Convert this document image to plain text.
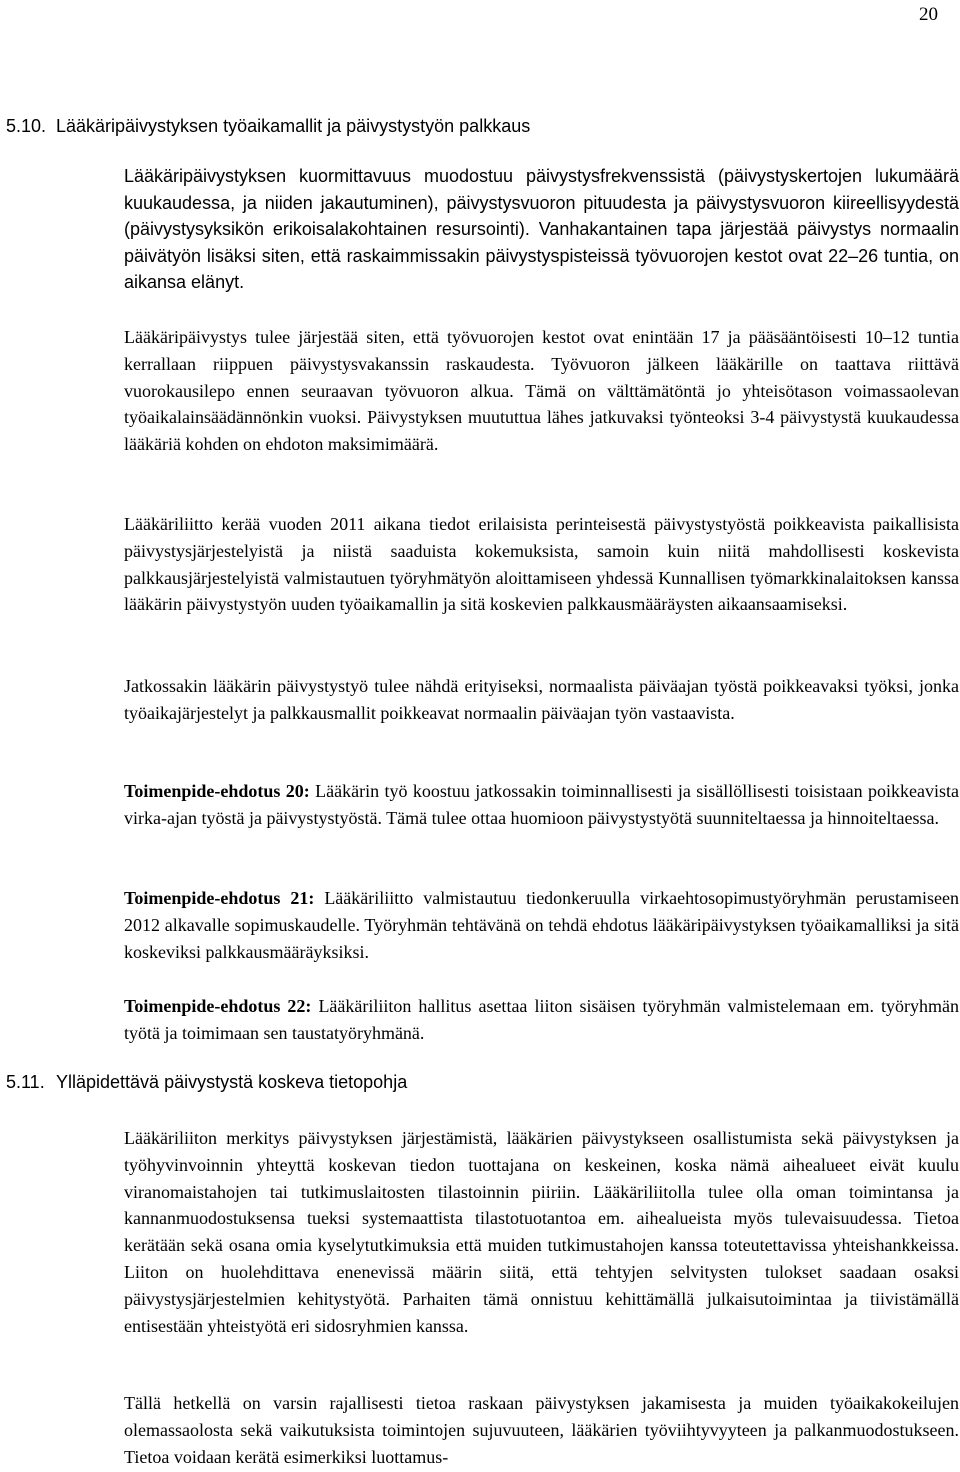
20
5.10. Lääkäripäivystyksen työaikamallit ja päivystystyön palkkaus

Lääkäripäivystyksen kuormittavuus muodostuu päivystysfrekvenssistä (päivystyskertojen lukumäärä kuukaudessa, ja niiden jakautuminen), päivystysvuoron pituudesta ja päivystysvuoron kiireellisyydestä (päivystysyksikön erikoisalakohtainen resursointi). Vanhakantainen tapa järjestää päivystys normaalin päivätyön lisäksi siten, että raskaimmissakin päivystyspisteissä työvuorojen kestot ovat 22–26 tuntia, on aikansa elänyt.

Lääkäripäivystys tulee järjestää siten, että työvuorojen kestot ovat enintään 17 ja pääsääntöisesti 10–12 tuntia kerrallaan riippuen päivystysvakanssin raskaudesta. Työvuoron jälkeen lääkärille on taattava riittävä vuorokausilepo ennen seuraavan työvuoron alkua. Tämä on välttämätöntä jo yhteisötason voimassaolevan työaikalainsäädännönkin vuoksi. Päivystyksen muututtua lähes jatkuvaksi työnteoksi 3-4 päivystystä kuukaudessa lääkäriä kohden on ehdoton maksimimäärä.

Lääkäriliitto kerää vuoden 2011 aikana tiedot erilaisista perinteisestä päivystystyöstä poikkeavista paikallisista päivystysjärjestelyistä ja niistä saaduista kokemuksista, samoin kuin niitä mahdollisesti koskevista palkkausjärjestelyistä valmistautuen työryhmätyön aloittamiseen yhdessä Kunnallisen työmarkkinalaitoksen kanssa lääkärin päivystystyön uuden työaikamallin ja sitä koskevien palkkausmääräysten aikaansaamiseksi.

Jatkossakin lääkärin päivystystyö tulee nähdä erityiseksi, normaalista päiväajan työstä poikkeavaksi työksi, jonka työaikajärjestelyt ja palkkausmallit poikkeavat normaalin päiväajan työn vastaavista.

Toimenpide-ehdotus 20: Lääkärin työ koostuu jatkossakin toiminnallisesti ja sisällöllisesti toisistaan poikkeavista virka-ajan työstä ja päivystystyöstä. Tämä tulee ottaa huomioon päivystystyötä suunniteltaessa ja hinnoiteltaessa.

Toimenpide-ehdotus 21: Lääkäriliitto valmistautuu tiedonkeruulla virkaehtosopimustyöryhmän perustamiseen 2012 alkavalle sopimuskaudelle. Työryhmän tehtävänä on tehdä ehdotus lääkäripäivystyksen työaikamalliksi ja sitä koskeviksi palkkausmääräyksiksi.

Toimenpide-ehdotus 22: Lääkäriliiton hallitus asettaa liiton sisäisen työryhmän valmistelemaan em. työryhmän työtä ja toimimaan sen taustatyöryhmänä.

5.11. Ylläpidettävä päivystystä koskeva tietopohja

Lääkäriliiton merkitys päivystyksen järjestämistä, lääkärien päivystykseen osallistumista sekä päivystyksen ja työhyvinvoinnin yhteyttä koskevan tiedon tuottajana on keskeinen, koska nämä aihealueet eivät kuulu viranomaistahojen tai tutkimuslaitosten tilastoinnin piiriin. Lääkäriliitolla tulee olla oman toimintansa ja kannanmuodostuksensa tueksi systemaattista tilastotuotantoa em. aihealueista myös tulevaisuudessa. Tietoa kerätään sekä osana omia kyselytutkimuksia että muiden tutkimustahojen kanssa toteutettavissa yhteishankkeissa. Liiton on huolehdittava enenevissä määrin siitä, että tehtyjen selvitysten tulokset saadaan osaksi päivystysjärjestelmien kehitystyötä. Parhaiten tämä onnistuu kehittämällä julkaisutoimintaa ja tiivistämällä entisestään yhteistyötä eri sidosryhmien kanssa.

Tällä hetkellä on varsin rajallisesti tietoa raskaan päivystyksen jakamisesta ja muiden työaikakokeilujen olemassaolosta sekä vaikutuksista toimintojen sujuvuuteen, lääkärien työviihtyvyyteen ja palkanmuodostukseen. Tietoa voidaan kerätä esimerkiksi luottamus-
